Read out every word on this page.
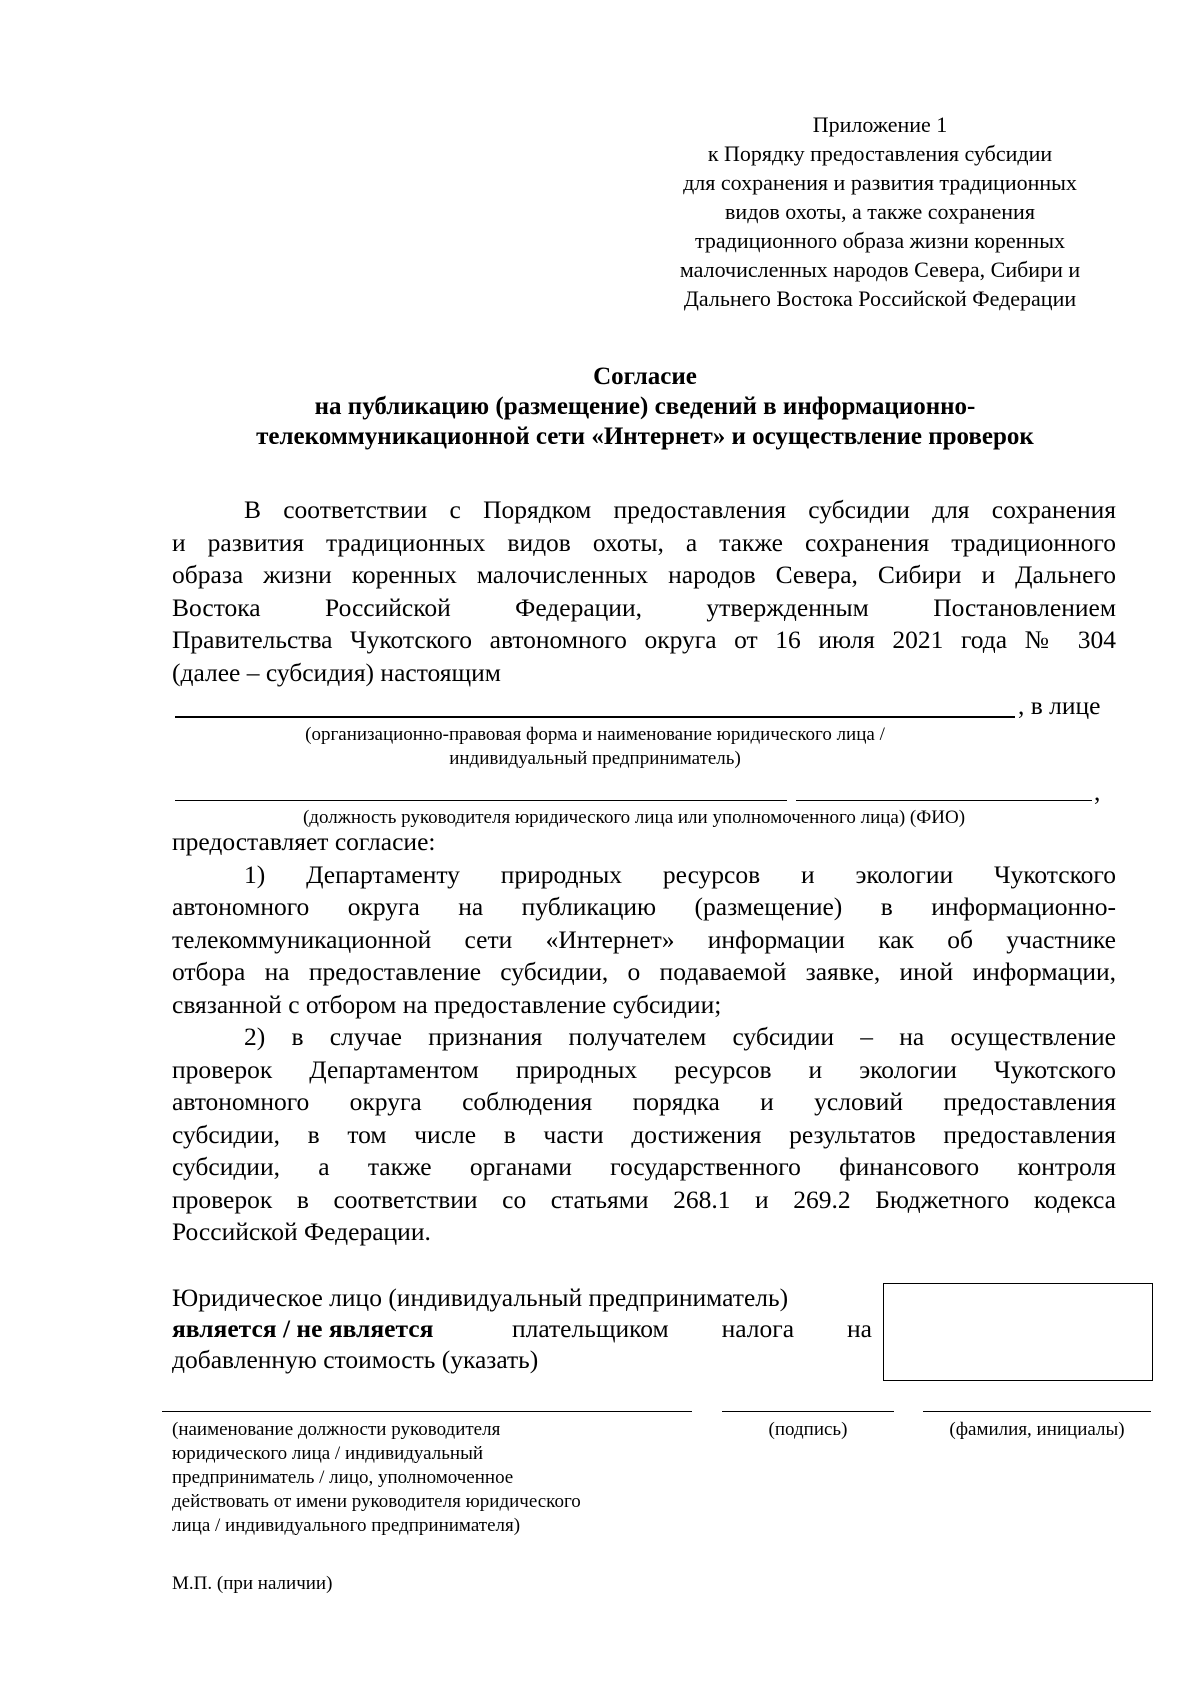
Приложение 1
к Порядку предоставления субсидии
для сохранения и развития традиционных
видов охоты, а также сохранения
традиционного образа жизни коренных
малочисленных народов Севера, Сибири и
Дальнего Востока Российской Федерации
Согласие
на публикацию (размещение) сведений в информационно-
телекоммуникационной сети «Интернет» и осуществление проверок
В соответствии с Порядком предоставления субсидии для сохранения
и развития традиционных видов охоты, а также сохранения традиционного
образа жизни коренных малочисленных народов Севера, Сибири и Дальнего
Востока Российской Федерации, утвержденным Постановлением
Правительства Чукотского автономного округа от 16 июля 2021 года № 304
(далее – субсидия) настоящим
, в лице
(организационно-правовая форма и наименование юридического лица /
индивидуальный предприниматель)
,
(должность руководителя юридического лица или уполномоченного лица) (ФИО)
предоставляет согласие:
1) Департаменту природных ресурсов и экологии Чукотского
автономного округа на публикацию (размещение) в информационно-
телекоммуникационной сети «Интернет» информации как об участнике
отбора на предоставление субсидии, о подаваемой заявке, иной информации,
связанной с отбором на предоставление субсидии;
2) в случае признания получателем субсидии – на осуществление
проверок Департаментом природных ресурсов и экологии Чукотского
автономного округа соблюдения порядка и условий предоставления
субсидии, в том числе в части достижения результатов предоставления
субсидии, а также органами государственного финансового контроля
проверок в соответствии со статьями 268.1 и 269.2 Бюджетного кодекса
Российской Федерации.
Юридическое лицо (индивидуальный предприниматель)
является / не является	плательщиком налога на
добавленную стоимость (указать)
(наименование должности руководителя
юридического лица / индивидуальный
предприниматель / лицо, уполномоченное
действовать от имени руководителя юридического
лица / индивидуального предпринимателя)
(подпись)	(фамилия, инициалы)
М.П. (при наличии)
